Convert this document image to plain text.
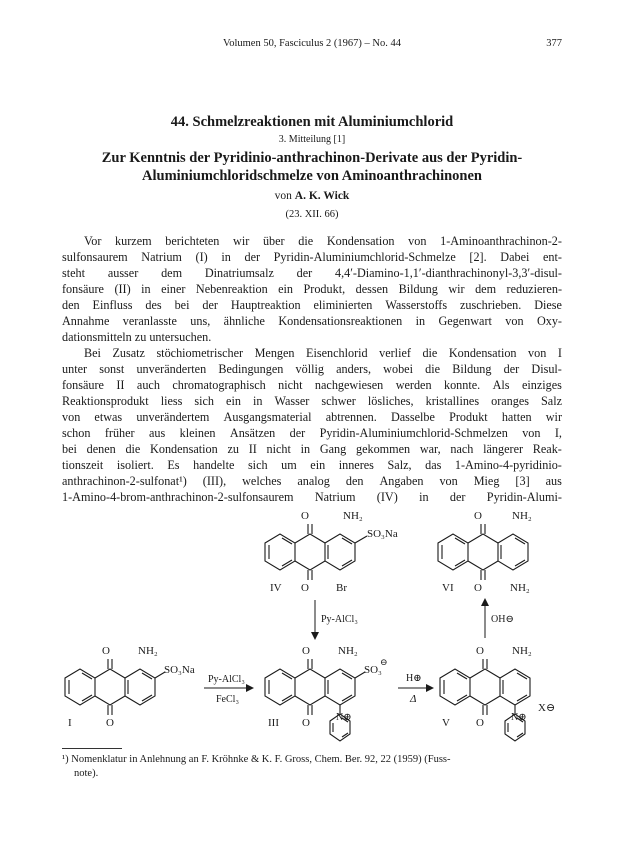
Volumen 50, Fasciculus 2 (1967) – No. 44	377
44. Schmelzreaktionen mit Aluminiumchlorid
3. Mitteilung [1]
Zur Kenntnis der Pyridinio-anthrachinon-Derivate aus der Pyridin-
Aluminiumchloridschmelze von Aminoanthrachinonen
von A. K. Wick
(23. XII. 66)
Vor kurzem berichteten wir über die Kondensation von 1-Aminoanthrachinon-2-
sulfonsaurem Natrium (I) in der Pyridin-Aluminiumchlorid-Schmelze [2]. Dabei ent-
steht ausser dem Dinatriumsalz der 4,4′-Diamino-1,1′-dianthrachinonyl-3,3′-disul-
fonsäure (II) in einer Nebenreaktion ein Produkt, dessen Bildung wir dem reduzieren-
den Einfluss des bei der Hauptreaktion eliminierten Wasserstoffs zuschrieben. Diese
Annahme veranlasste uns, ähnliche Kondensationsreaktionen in Gegenwart von Oxy-
dationsmitteln zu untersuchen.
Bei Zusatz stöchiometrischer Mengen Eisenchlorid verlief die Kondensation von I
unter sonst unveränderten Bedingungen völlig anders, wobei die Bildung der Disul-
fonsäure II auch chromatographisch nicht nachgewiesen werden konnte. Als einziges
Reaktionsprodukt liess sich ein in Wasser schwer lösliches, kristallines oranges Salz
von etwas unverändertem Ausgangsmaterial abtrennen. Dasselbe Produkt hatten wir
schon früher aus kleinen Ansätzen der Pyridin-Aluminiumchlorid-Schmelzen von I,
bei denen die Kondensation zu II nicht in Gang gekommen war, nach längerer Reak-
tionszeit isoliert. Es handelte sich um ein inneres Salz, das 1-Amino-4-pyridinio-
anthrachinon-2-sulfonat¹) (III), welches analog den Angaben von Mieg [3] aus
1-Amino-4-brom-anthrachinon-2-sulfonsaurem Natrium (IV) in der Pyridin-Alumi-
O	NH₂
SO₃Na
O Br
IV
O	NH₂
O	NH₂
VI
Py-AlCl₃	OH⊖
O	NH₂
SO₃Na
O
I
Py-AlCl₃
FeCl₃
O	NH₂
SO₃
⊖
O	N⊕
III
H⊕
Δ
O	NH₂
O	N⊕
X⊖
V
¹) Nomenklatur in Anlehnung an F. Kröhnke & K. F. Gross, Chem. Ber. 92, 22 (1959) (Fuss-
note).
